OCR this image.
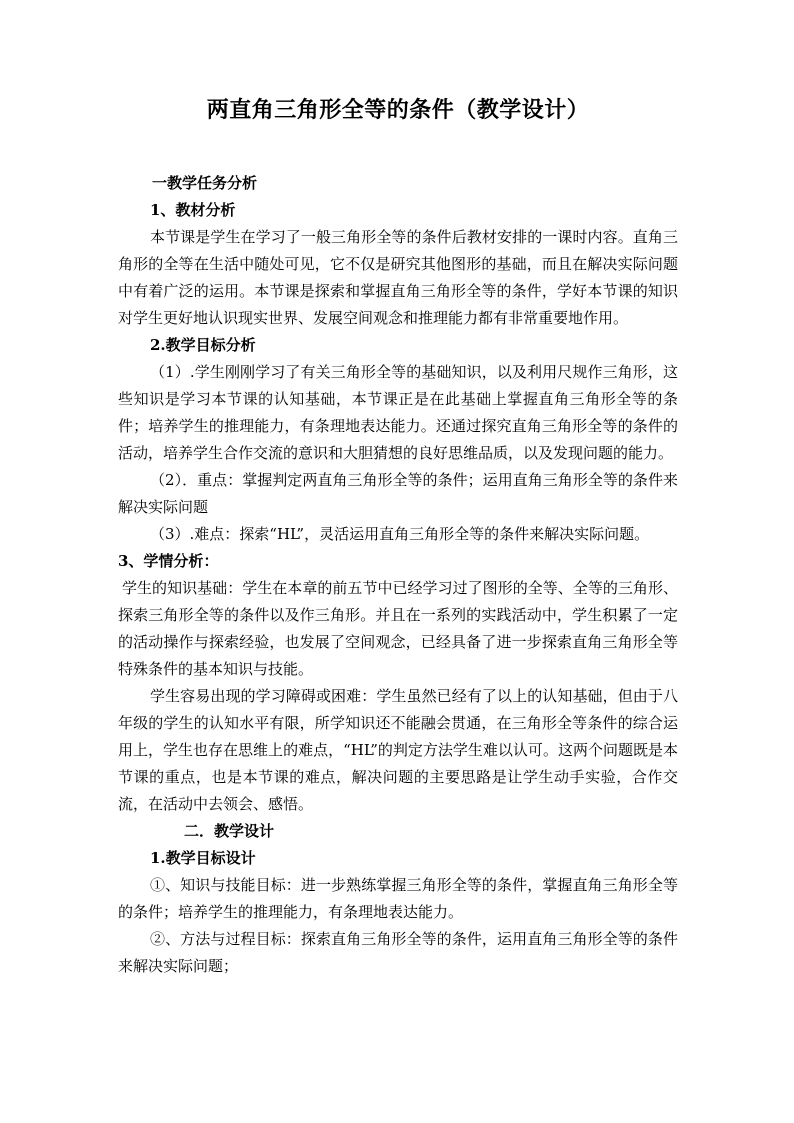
两直角三角形全等的条件（教学设计）

一教学任务分析

1、教材分析

本节课是学生在学习了一般三角形全等的条件后教材安排的一课时内容。直角三角形的全等在生活中随处可见，它不仅是研究其他图形的基础，而且在解决实际问题中有着广泛的运用。本节课是探索和掌握直角三角形全等的条件，学好本节课的知识对学生更好地认识现实世界、发展空间观念和推理能力都有非常重要地作用。

2.教学目标分析

（1）.学生刚刚学习了有关三角形全等的基础知识，以及利用尺规作三角形，这些知识是学习本节课的认知基础，本节课正是在此基础上掌握直角三角形全等的条件；培养学生的推理能力，有条理地表达能力。还通过探究直角三角形全等的条件的活动，培养学生合作交流的意识和大胆猜想的良好思维品质，以及发现问题的能力。

（2）．重点：掌握判定两直角三角形全等的条件；运用直角三角形全等的条件来解决实际问题

（3）.难点：探索“HL”，灵活运用直角三角形全等的条件来解决实际问题。

3、学情分析：

学生的知识基础：学生在本章的前五节中已经学习过了图形的全等、全等的三角形、探索三角形全等的条件以及作三角形。并且在一系列的实践活动中，学生积累了一定的活动操作与探索经验，也发展了空间观念，已经具备了进一步探索直角三角形全等特殊条件的基本知识与技能。

学生容易出现的学习障碍或困难：学生虽然已经有了以上的认知基础，但由于八年级的学生的认知水平有限，所学知识还不能融会贯通，在三角形全等条件的综合运用上，学生也存在思维上的难点，“HL”的判定方法学生难以认可。这两个问题既是本节课的重点，也是本节课的难点，解决问题的主要思路是让学生动手实验，合作交流，在活动中去领会、感悟。

二．教学设计

1.教学目标设计

①、知识与技能目标：进一步熟练掌握三角形全等的条件，掌握直角三角形全等的条件；培养学生的推理能力，有条理地表达能力。

②、方法与过程目标：探索直角三角形全等的条件，运用直角三角形全等的条件来解决实际问题；
